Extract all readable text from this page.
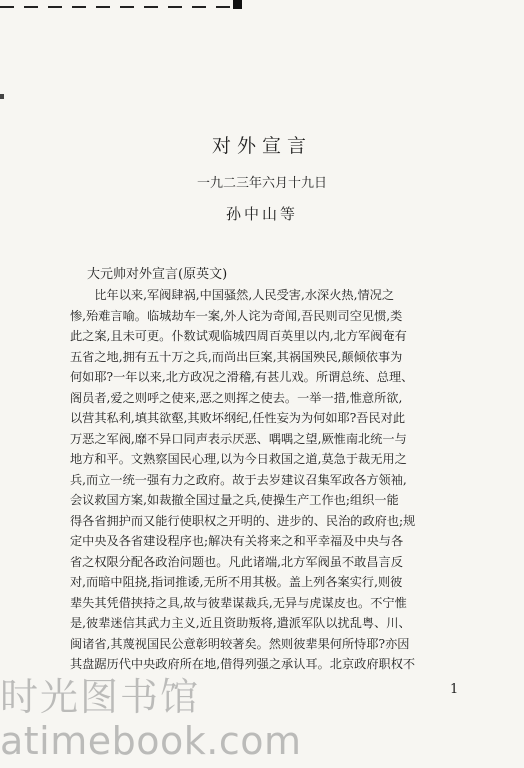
对外宣言
一九二三年六月十九日
孙中山等
大元帅对外宣言(原英文)
　　比年以来,军阀肆祸,中国骚然,人民受害,水深火热,情况之
惨,殆难言喻。临城劫车一案,外人诧为奇闻,吾民则司空见惯,类
此之案,且未可更。仆数试观临城四周百英里以内,北方军阀奄有
五省之地,拥有五十万之兵,而尚出巨案,其祸国殃民,颠倾依事为
何如耶?一年以来,北方政况之滑稽,有甚儿戏。所谓总统、总理、
阁员者,爱之则呼之使来,恶之则挥之使去。一举一措,惟意所欲,
以营其私利,填其欲壑,其败坏纲纪,任性妄为为何如耶?吾民对此
万恶之军阀,靡不异口同声表示厌恶、喁喁之望,厥惟南北统一与
地方和平。文熟察国民心理,以为今日救国之道,莫急于裁无用之
兵,而立一统一强有力之政府。故于去岁建议召集军政各方领袖,
会议救国方案,如裁撤全国过量之兵,使操生产工作也;组织一能
得各省拥护而又能行使职权之开明的、进步的、民治的政府也;规
定中央及各省建设程序也;解决有关将来之和平幸福及中央与各
省之权限分配各政治问题也。凡此诸端,北方军阀虽不敢昌言反
对,而暗中阻挠,指词推诿,无所不用其极。盖上列各案实行,则彼
辈失其凭借挟持之具,故与彼辈谋裁兵,无异与虎谋皮也。不宁惟
是,彼辈迷信其武力主义,近且资助叛将,遣派军队以扰乱粤、川、
闽诸省,其蔑视国民公意彰明较著矣。然则彼辈果何所恃耶?亦因
其盘踞历代中央政府所在地,借得列强之承认耳。北京政府职权不
1
时光图书馆
atimebook.com
